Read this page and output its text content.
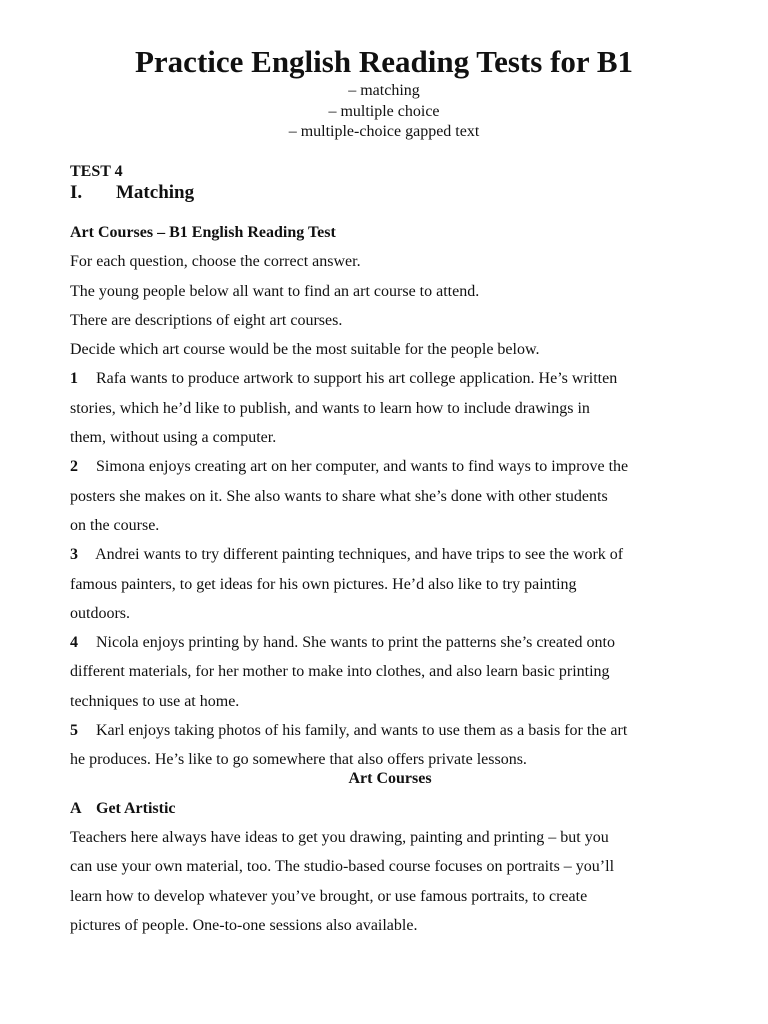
Practice English Reading Tests for B1
– matching
– multiple choice
– multiple-choice gapped text
TEST 4
I. Matching

Art Courses – B1 English Reading Test

For each question, choose the correct answer.

The young people below all want to find an art course to attend.

There are descriptions of eight art courses.

Decide which art course would be the most suitable for the people below.

1 Rafa wants to produce artwork to support his art college application. He’s written

stories, which he’d like to publish, and wants to learn how to include drawings in

them, without using a computer.

2 Simona enjoys creating art on her computer, and wants to find ways to improve the

posters she makes on it. She also wants to share what she’s done with other students

on the course.

3 Andrei wants to try different painting techniques, and have trips to see the work of

famous painters, to get ideas for his own pictures. He’d also like to try painting

outdoors.

4 Nicola enjoys printing by hand. She wants to print the patterns she’s created onto

different materials, for her mother to make into clothes, and also learn basic printing

techniques to use at home.

5 Karl enjoys taking photos of his family, and wants to use them as a basis for the art

he produces. He’s like to go somewhere that also offers private lessons.

Art Courses

A Get Artistic

Teachers here always have ideas to get you drawing, painting and printing – but you

can use your own material, too. The studio-based course focuses on portraits – you’ll

learn how to develop whatever you’ve brought, or use famous portraits, to create

pictures of people. One-to-one sessions also available.
